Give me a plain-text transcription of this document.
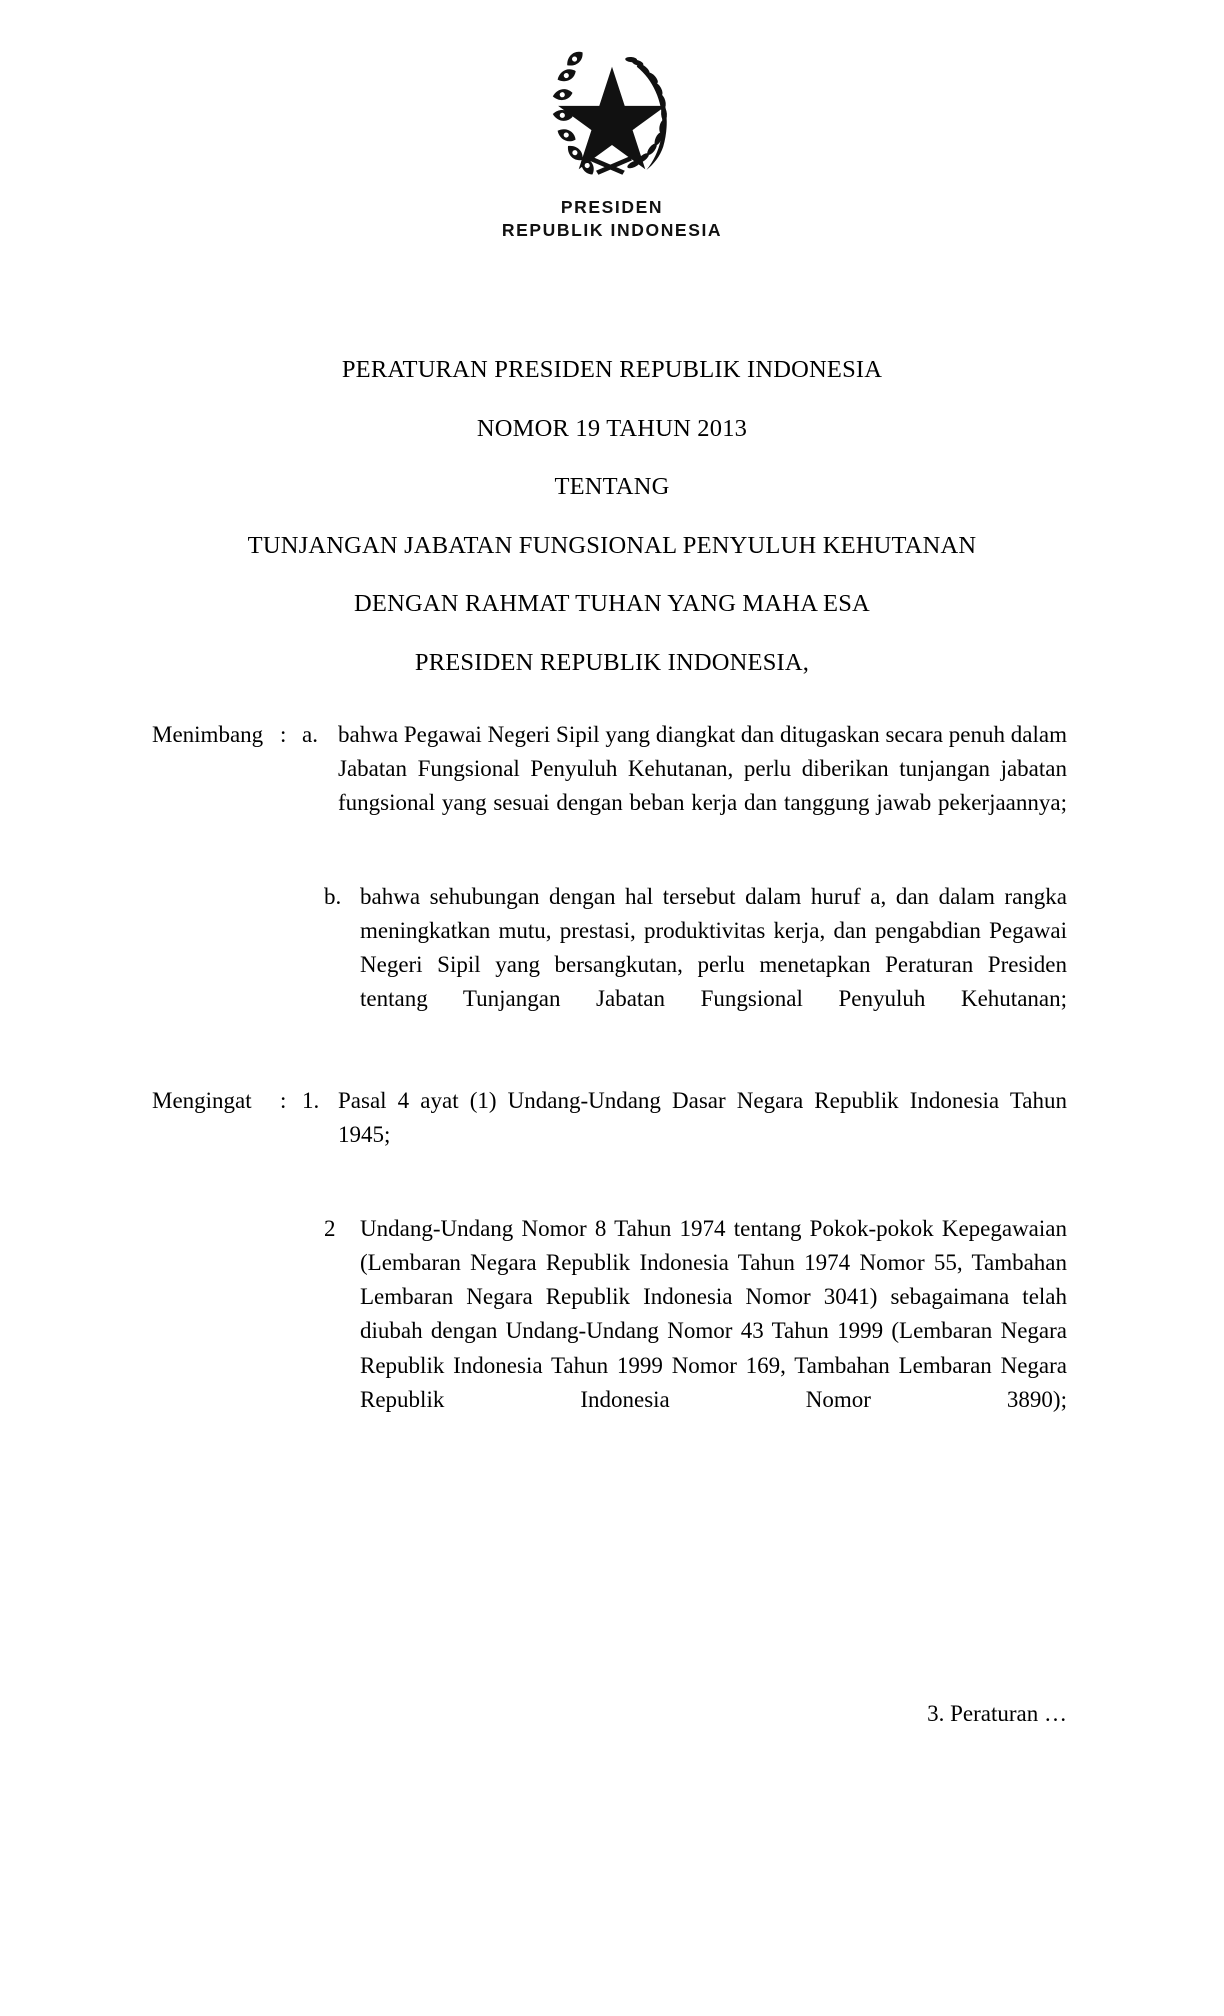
PRESIDEN
REPUBLIK INDONESIA
PERATURAN PRESIDEN REPUBLIK INDONESIA
NOMOR 19 TAHUN 2013
TENTANG
TUNJANGAN JABATAN FUNGSIONAL PENYULUH KEHUTANAN
DENGAN RAHMAT TUHAN YANG MAHA ESA
PRESIDEN REPUBLIK INDONESIA,
Menimbang : a. bahwa Pegawai Negeri Sipil yang diangkat dan ditugaskan secara penuh dalam Jabatan Fungsional Penyuluh Kehutanan, perlu diberikan tunjangan jabatan fungsional yang sesuai dengan beban kerja dan tanggung jawab pekerjaannya;
b. bahwa sehubungan dengan hal tersebut dalam huruf a, dan dalam rangka meningkatkan mutu, prestasi, produktivitas kerja, dan pengabdian Pegawai Negeri Sipil yang bersangkutan, perlu menetapkan Peraturan Presiden tentang Tunjangan Jabatan Fungsional Penyuluh Kehutanan;
Mengingat	: 1. Pasal 4 ayat (1) Undang-Undang Dasar Negara Republik Indonesia Tahun 1945;
2	Undang-Undang Nomor 8 Tahun 1974 tentang Pokok-pokok Kepegawaian (Lembaran Negara Republik Indonesia Tahun 1974 Nomor 55, Tambahan Lembaran Negara Republik Indonesia Nomor 3041) sebagaimana telah diubah dengan Undang-Undang Nomor 43 Tahun 1999 (Lembaran Negara Republik Indonesia Tahun 1999 Nomor 169, Tambahan Lembaran Negara Republik Indonesia Nomor 3890);
3. Peraturan …
